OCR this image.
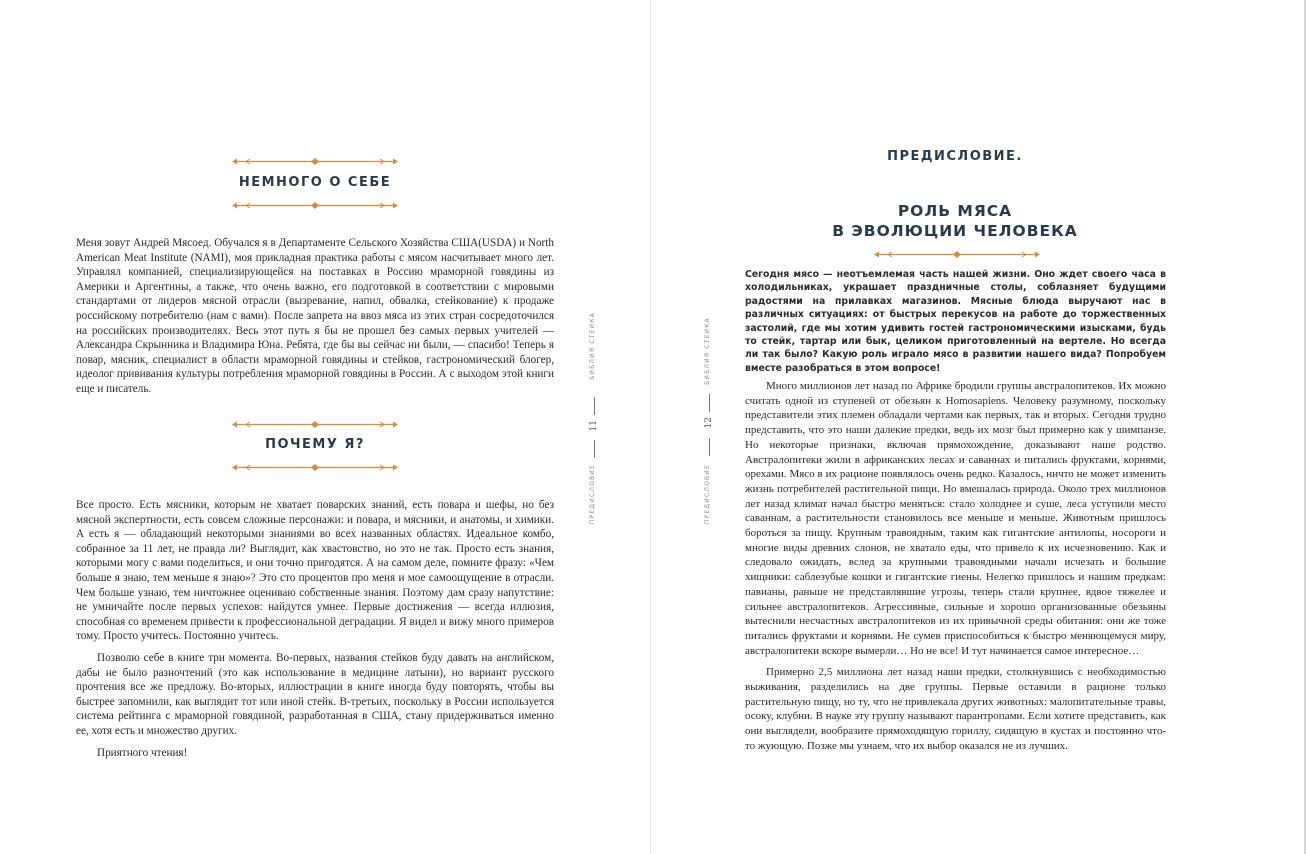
НЕМНОГО О СЕБЕ

Меня зовут Андрей Мясоед. Обучался я в Департаменте Сельского Хозяйства США(USDA) и North American Meat Institute (NAMI), моя прикладная практика работы с мясом насчитывает много лет. Управлял компанией, специализирующейся на поставках в Россию мраморной говядины из Америки и Аргентины, а также, что очень важно, его подготовкой в соответствии с мировыми стандартами от лидеров мясной отрасли (вызревание, напил, обвалка, стейкование) к продаже российскому потребителю (нам с вами). После запрета на ввоз мяса из этих стран сосредоточился на российских производителях. Весь этот путь я бы не прошел без самых первых учителей — Александра Скрынника и Владимира Юна. Ребята, где бы вы сейчас ни были, — спасибо! Теперь я повар, мясник, специалист в области мраморной говядины и стейков, гастрономический блогер, идеолог прививания культуры потребления мраморной говядины в России. А с выходом этой книги еще и писатель.

ПОЧЕМУ Я?

Все просто. Есть мясники, которым не хватает поварских знаний, есть повара и шефы, но без мясной экспертности, есть совсем сложные персонажи: и повара, и мясники, и анатомы, и химики. А есть я — обладающий некоторыми знаниями во всех названных областях. Идеальное комбо, собранное за 11 лет, не правда ли? Выглядит, как хвастовство, но это не так. Просто есть знания, которыми могу с вами поделиться, и они точно пригодятся. А на самом деле, помните фразу: «Чем больше я знаю, тем меньше я знаю»? Это сто процентов про меня и мое самоощущение в отрасли. Чем больше узнаю, тем ничтожнее оцениваю собственные знания. Поэтому дам сразу напутствие: не умничайте после первых успехов: найдутся умнее. Первые достижения — всегда иллюзия, способная со временем привести к профессиональной деградации. Я видел и вижу много примеров тому. Просто учитесь. Постоянно учитесь.

Позволю себе в книге три момента. Во-первых, названия стейков буду давать на английском, дабы не было разночтений (это как использование в медицине латыни), но вариант русского прочтения все же предложу. Во-вторых, иллюстрации в книге иногда буду повторять, чтобы вы быстрее запомнили, как выглядит тот или иной стейк. В-третьих, поскольку в России используется система рейтинга с мраморной говядиной, разработанная в США, стану придерживаться именно ее, хотя есть и множество других.

Приятного чтения!

БИБЛИЯ СТЕЙКА
11
ПРЕДИСЛОВИЕ
БИБЛИЯ СТЕЙКА
12
ПРЕДИСЛОВИЕ
ПРЕДИСЛОВИЕ.
РОЛЬ МЯСА
В ЭВОЛЮЦИИ ЧЕЛОВЕКА
Сегодня мясо — неотъемлемая часть нашей жизни. Оно ждет своего часа в холодильниках, украшает праздничные столы, соблазняет будущими радостями на прилавках магазинов. Мясные блюда выручают нас в различных ситуациях: от быстрых перекусов на работе до торжественных застолий, где мы хотим удивить гостей гастрономическими изысками, будь то стейк, тартар или бык, целиком приготовленный на вертеле. Но всегда ли так было? Какую роль играло мясо в развитии нашего вида? Попробуем вместе разобраться в этом вопросе!

Много миллионов лет назад по Африке бродили группы австралопитеков. Их можно считать одной из ступеней от обезьян к Homosapiens. Человеку разумному, поскольку представители этих племен обладали чертами как первых, так и вторых. Сегодня трудно представить, что это наши далекие предки, ведь их мозг был примерно как у шимпанзе. Но некоторые признаки, включая прямохождение, доказывают наше родство. Австралопитеки жили в африканских лесах и саваннах и питались фруктами, корнями, орехами. Мясо в их рационе появлялось очень редко. Казалось, ничто не может изменить жизнь потребителей растительной пищи. Но вмешалась природа. Около трех миллионов лет назад климат начал быстро меняться: стало холоднее и суше, леса уступили место саваннам, а растительности становилось все меньше и меньше. Животным пришлось бороться за пищу. Крупным травоядным, таким как гигантские антилопы, носороги и многие виды древних слонов, не хватало еды, что привело к их исчезновению. Как и следовало ожидать, вслед за крупными травоядными начали исчезать и большие хищники: саблезубые кошки и гигантские гиены. Нелегко пришлось и нашим предкам: павианы, раньше не представлявшие угрозы, теперь стали крупнее, вдвое тяжелее и сильнее австралопитеков. Агрессивные, сильные и хорошо организованные обезьяны вытеснили несчастных австралопитеков из их привычной среды обитания: они же тоже питались фруктами и корнями. Не сумев приспособиться к быстро меняющемуся миру, австралопитеки вскоре вымерли… Но не все! И тут начинается самое интересное…

Примерно 2,5 миллиона лет назад наши предки, столкнувшись с необходимостью выживания, разделились на две группы. Первые оставили в рационе только растительную пищу, но ту, что не привлекала других животных: малопитательные травы, осоку, клубни. В науке эту группу называют парантропами. Если хотите представить, как они выглядели, вообразите прямоходящую гориллу, сидящую в кустах и постоянно что-то жующую. Позже мы узнаем, что их выбор оказался не из лучших.
